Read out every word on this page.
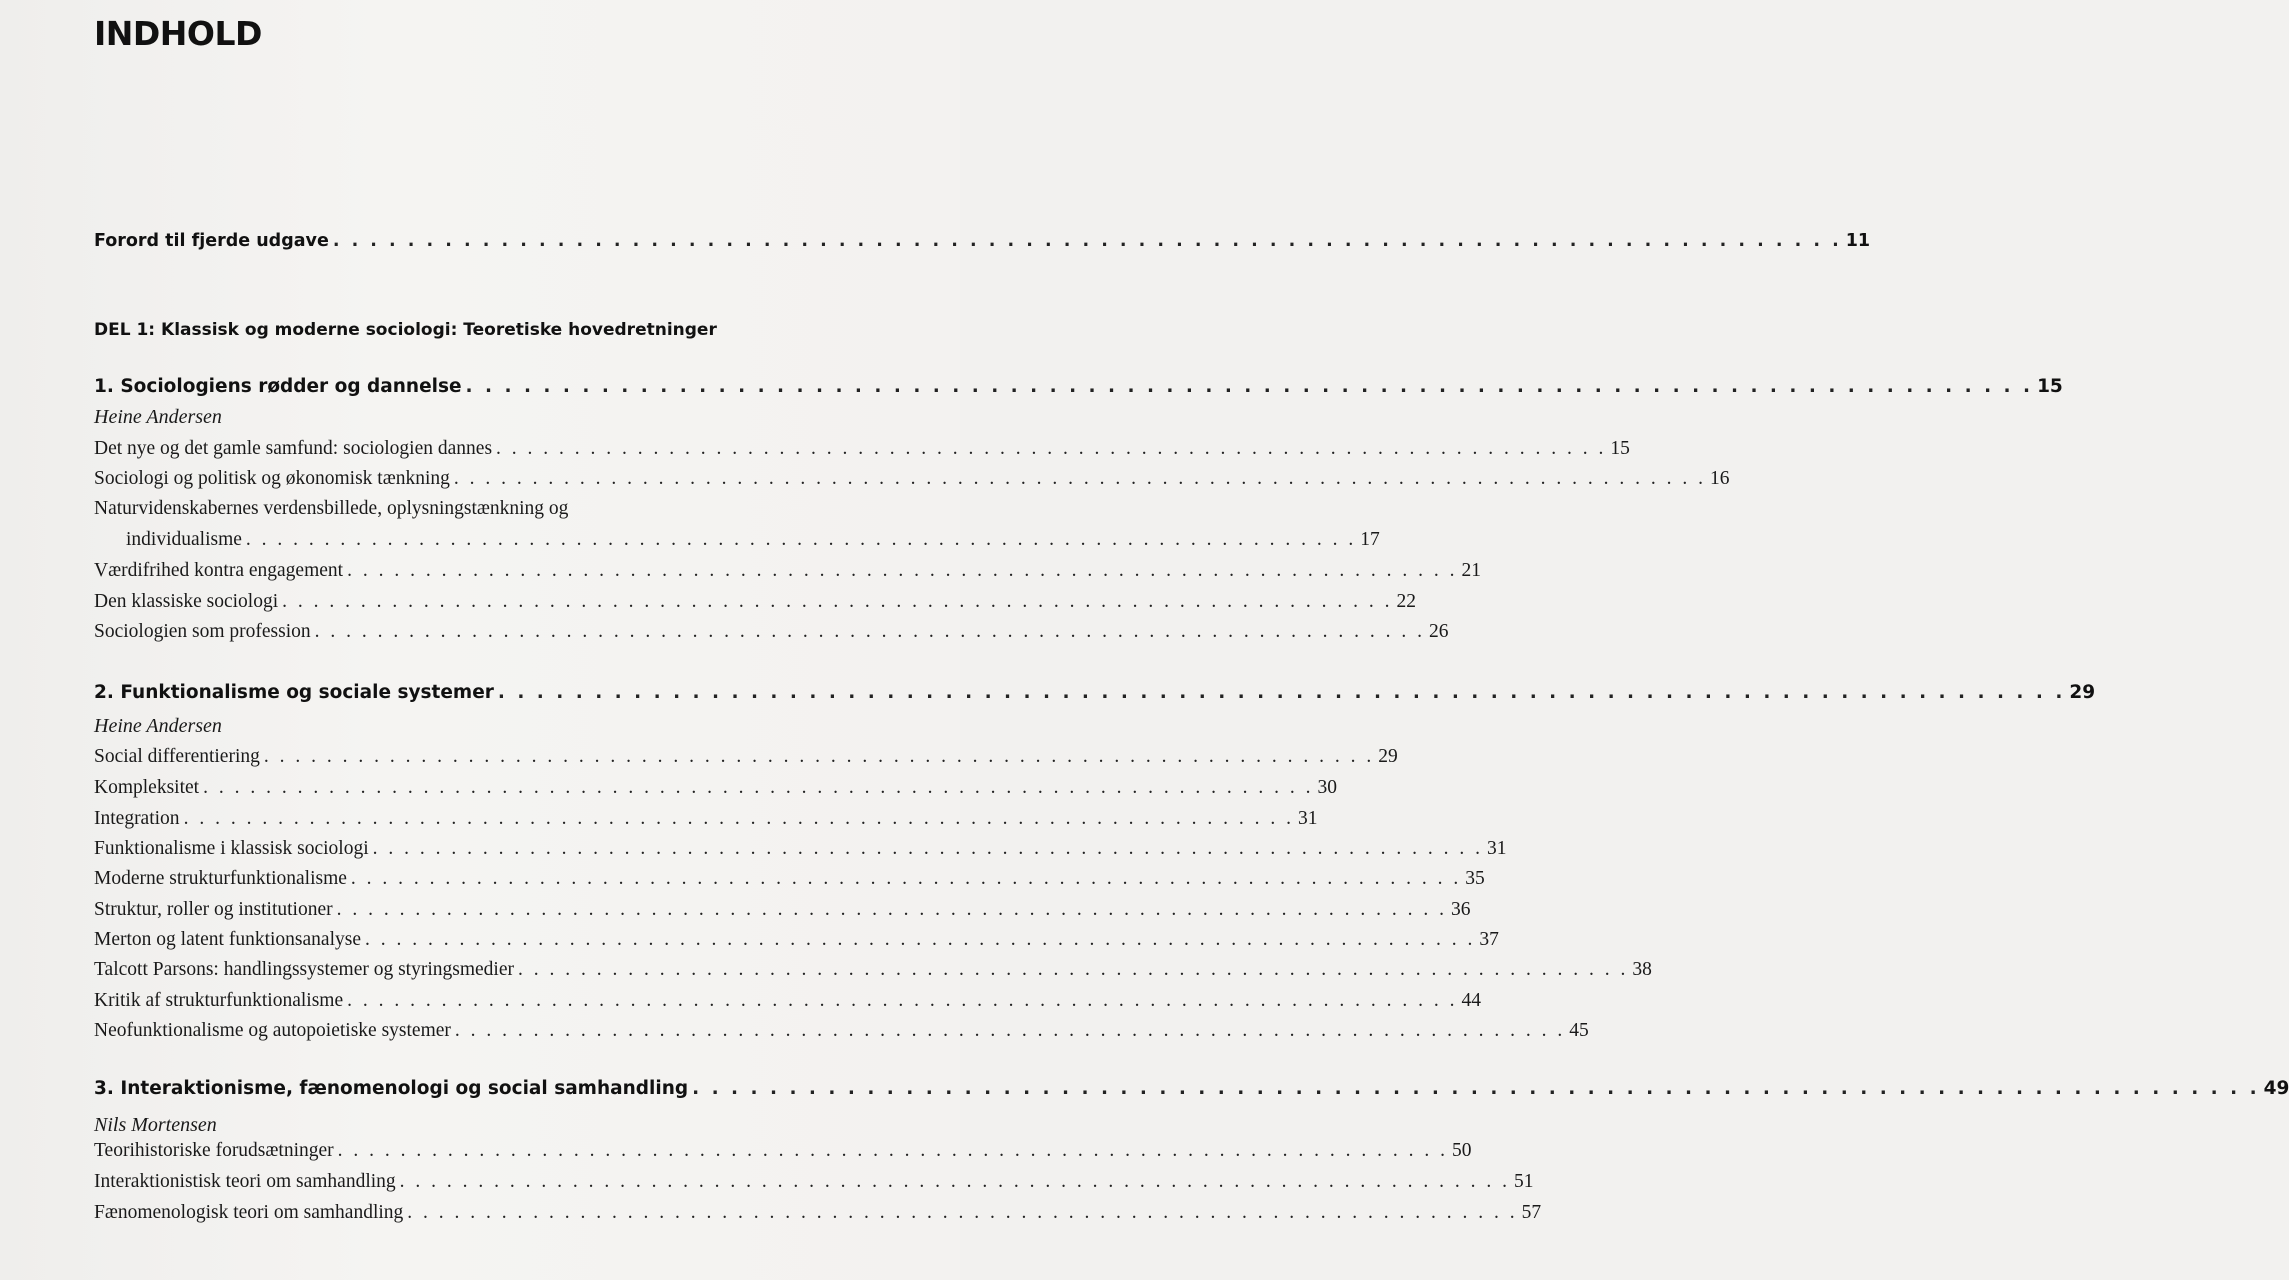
INDHOLD
Forord til fjerde udgave . . . . . . . . . . . . . . . . . . . . . . . . . . . . . . . . . . . . . . . . . . . . . . . . . . . . . . . . . . . . . . . . . . . . . . . . . . . . . . . . . 11
DEL 1: Klassisk og moderne sociologi: Teoretiske hovedretninger
1. Sociologiens rødder og dannelse . . . . . . . . . . . . . . . . . . . . . . . . . . . . . . . . . . . . . . . . . . . . . . . . . . . . . . . . . . . . . . . . . . . . . . . . . . . . . . . . . 15
Heine Andersen
Det nye og det gamle samfund: sociologien dannes . . . . . . . . . . . . . . . . . . . . . . . . . . . . . . . . . . . . . . . . . . . . . . . . . . . . . . . . . . . . . . . . . . . . . . . 15
Sociologi og politisk og økonomisk tænkning . . . . . . . . . . . . . . . . . . . . . . . . . . . . . . . . . . . . . . . . . . . . . . . . . . . . . . . . . . . . . . . . . . . . . . . . . . . . . . . . 16
Naturvidenskabernes verdensbillede, oplysningstænkning og
individualisme . . . . . . . . . . . . . . . . . . . . . . . . . . . . . . . . . . . . . . . . . . . . . . . . . . . . . . . . . . . . . . . . . . . . . . . 17
Værdifrihed kontra engagement . . . . . . . . . . . . . . . . . . . . . . . . . . . . . . . . . . . . . . . . . . . . . . . . . . . . . . . . . . . . . . . . . . . . . . . 21
Den klassiske sociologi . . . . . . . . . . . . . . . . . . . . . . . . . . . . . . . . . . . . . . . . . . . . . . . . . . . . . . . . . . . . . . . . . . . . . . . 22
Sociologien som profession . . . . . . . . . . . . . . . . . . . . . . . . . . . . . . . . . . . . . . . . . . . . . . . . . . . . . . . . . . . . . . . . . . . . . . . 26
2. Funktionalisme og sociale systemer . . . . . . . . . . . . . . . . . . . . . . . . . . . . . . . . . . . . . . . . . . . . . . . . . . . . . . . . . . . . . . . . . . . . . . . . . . . . . . . . . 29
Heine Andersen
Social differentiering . . . . . . . . . . . . . . . . . . . . . . . . . . . . . . . . . . . . . . . . . . . . . . . . . . . . . . . . . . . . . . . . . . . . . . . 29
Kompleksitet . . . . . . . . . . . . . . . . . . . . . . . . . . . . . . . . . . . . . . . . . . . . . . . . . . . . . . . . . . . . . . . . . . . . . . . 30
Integration . . . . . . . . . . . . . . . . . . . . . . . . . . . . . . . . . . . . . . . . . . . . . . . . . . . . . . . . . . . . . . . . . . . . . . . 31
Funktionalisme i klassisk sociologi . . . . . . . . . . . . . . . . . . . . . . . . . . . . . . . . . . . . . . . . . . . . . . . . . . . . . . . . . . . . . . . . . . . . . . . 31
Moderne strukturfunktionalisme . . . . . . . . . . . . . . . . . . . . . . . . . . . . . . . . . . . . . . . . . . . . . . . . . . . . . . . . . . . . . . . . . . . . . . . 35
Struktur, roller og institutioner . . . . . . . . . . . . . . . . . . . . . . . . . . . . . . . . . . . . . . . . . . . . . . . . . . . . . . . . . . . . . . . . . . . . . . . 36
Merton og latent funktionsanalyse . . . . . . . . . . . . . . . . . . . . . . . . . . . . . . . . . . . . . . . . . . . . . . . . . . . . . . . . . . . . . . . . . . . . . . . 37
Talcott Parsons: handlingssystemer og styringsmedier . . . . . . . . . . . . . . . . . . . . . . . . . . . . . . . . . . . . . . . . . . . . . . . . . . . . . . . . . . . . . . . . . . . . . . . 38
Kritik af strukturfunktionalisme . . . . . . . . . . . . . . . . . . . . . . . . . . . . . . . . . . . . . . . . . . . . . . . . . . . . . . . . . . . . . . . . . . . . . . . 44
Neofunktionalisme og autopoietiske systemer . . . . . . . . . . . . . . . . . . . . . . . . . . . . . . . . . . . . . . . . . . . . . . . . . . . . . . . . . . . . . . . . . . . . . . . 45
3. Interaktionisme, fænomenologi og social samhandling . . . . . . . . . . . . . . . . . . . . . . . . . . . . . . . . . . . . . . . . . . . . . . . . . . . . . . . . . . . . . . . . . . . . . . . . . . . . . . . . . 49
Nils Mortensen
Teorihistoriske forudsætninger . . . . . . . . . . . . . . . . . . . . . . . . . . . . . . . . . . . . . . . . . . . . . . . . . . . . . . . . . . . . . . . . . . . . . . . 50
Interaktionistisk teori om samhandling . . . . . . . . . . . . . . . . . . . . . . . . . . . . . . . . . . . . . . . . . . . . . . . . . . . . . . . . . . . . . . . . . . . . . . . 51
Fænomenologisk teori om samhandling . . . . . . . . . . . . . . . . . . . . . . . . . . . . . . . . . . . . . . . . . . . . . . . . . . . . . . . . . . . . . . . . . . . . . . . 57
